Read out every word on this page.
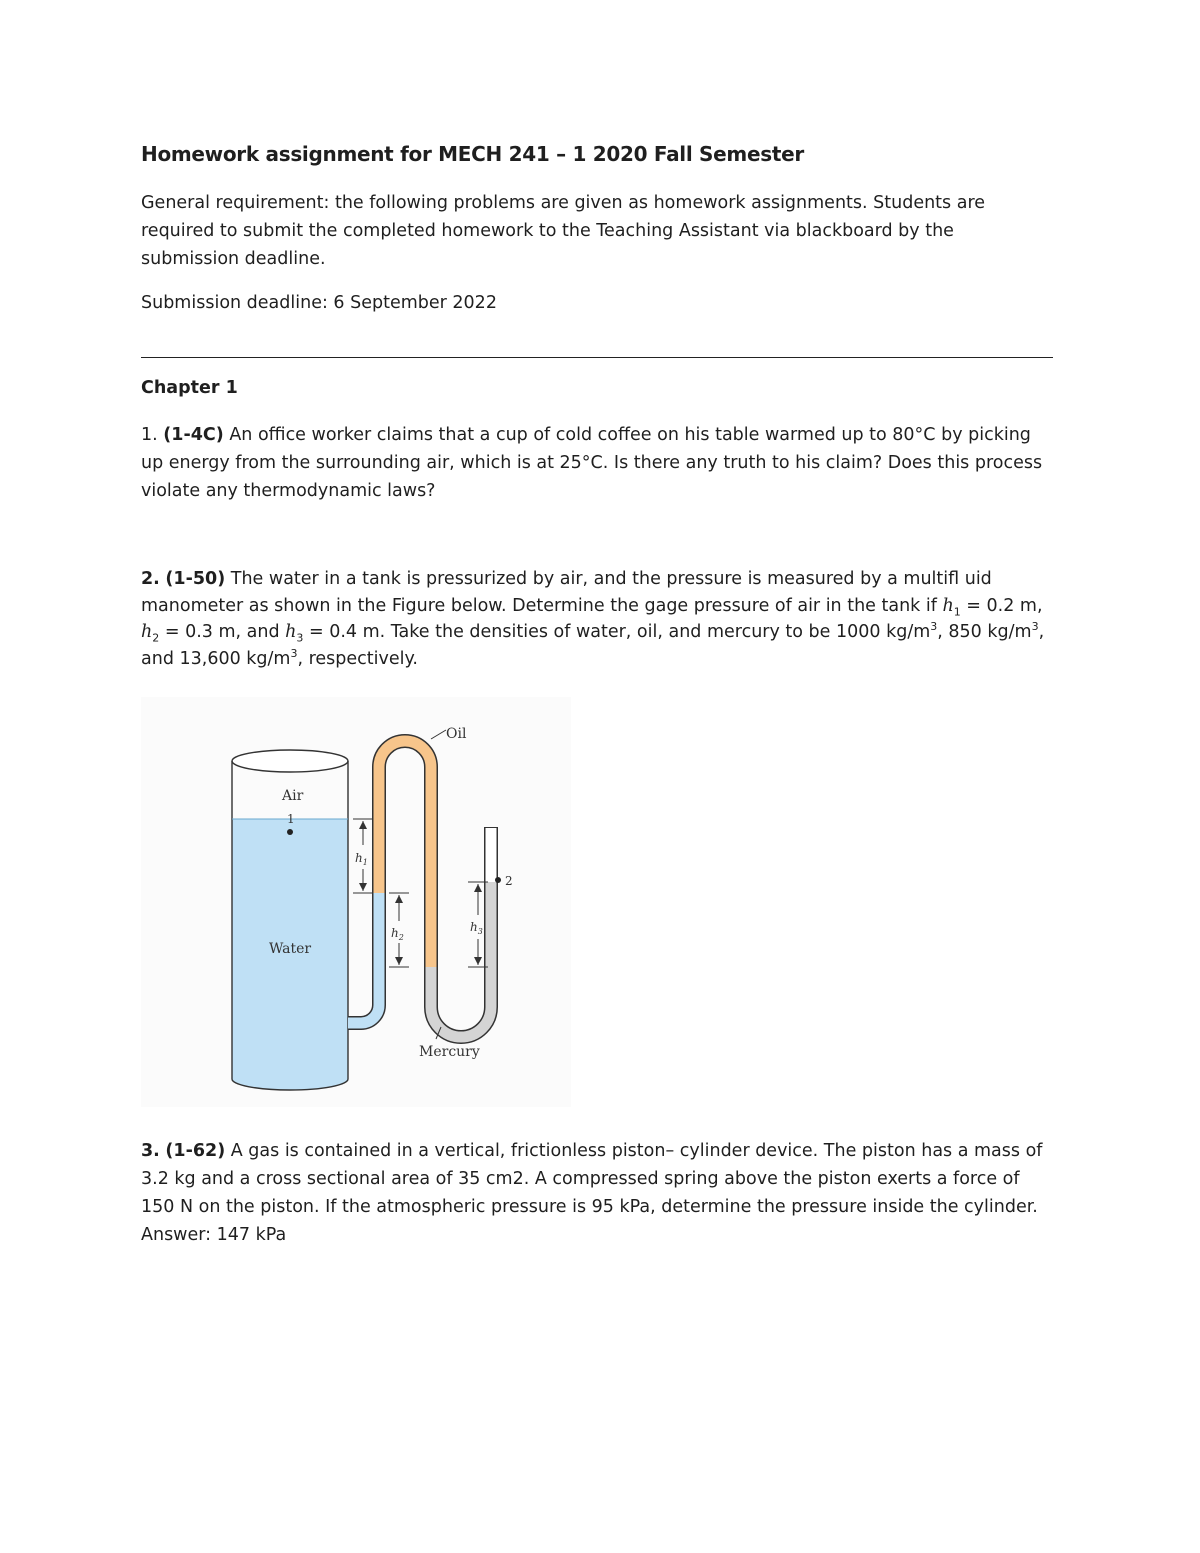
Homework assignment for MECH 241 – 1 2020 Fall Semester
General requirement: the following problems are given as homework assignments. Students are required to submit the completed homework to the Teaching Assistant via blackboard by the submission deadline.
Submission deadline: 6 September 2022
Chapter 1
1. (1-4C) An office worker claims that a cup of cold coffee on his table warmed up to 80°C by picking up energy from the surrounding air, which is at 25°C. Is there any truth to his claim? Does this process violate any thermodynamic laws?
2. (1-50) The water in a tank is pressurized by air, and the pressure is measured by a multifl uid manometer as shown in the Figure below. Determine the gage pressure of air in the tank if $h_1 = 0.2$ m, $h_2 = 0.3$ m, and $h_3 = 0.4$ m. Take the densities of water, oil, and mercury to be 1000 $kg/m^3$, 850 $kg/m^3$, and 13,600 $kg/m^3$, respectively.
Air
1
Water
Oil
Mercury
2
$h_1$
$h_2$
$h_3$
3. (1-62) A gas is contained in a vertical, frictionless piston– cylinder device. The piston has a mass of 3.2 kg and a cross sectional area of 35 cm2. A compressed spring above the piston exerts a force of 150 N on the piston. If the atmospheric pressure is 95 kPa, determine the pressure inside the cylinder. Answer: 147 kPa
